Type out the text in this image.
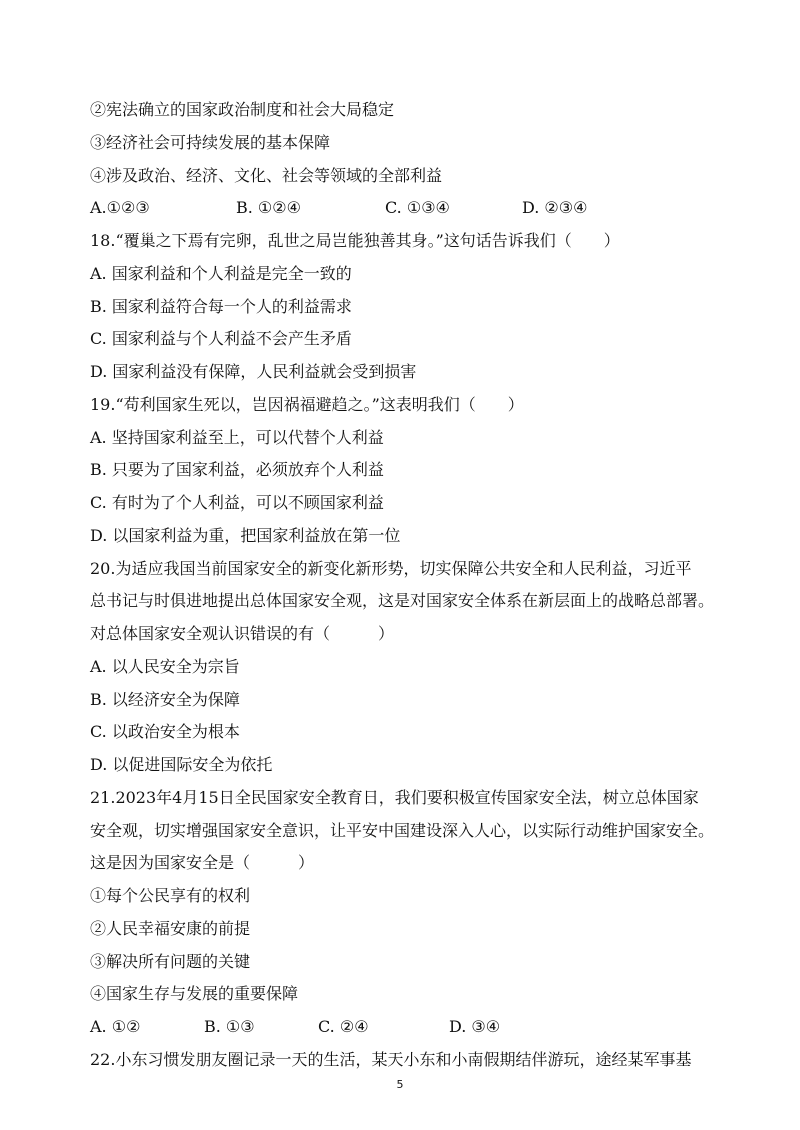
②宪法确立的国家政治制度和社会大局稳定
③经济社会可持续发展的基本保障
④涉及政治、经济、文化、社会等领域的全部利益
A.①②③	B. ①②④	C. ①③④	D. ②③④
18.“覆巢之下焉有完卵，乱世之局岂能独善其身。”这句话告诉我们（　　）
A. 国家利益和个人利益是完全一致的
B. 国家利益符合每一个人的利益需求
C. 国家利益与个人利益不会产生矛盾
D. 国家利益没有保障，人民利益就会受到损害
19.“苟利国家生死以，岂因祸福避趋之。”这表明我们（　　）
A. 坚持国家利益至上，可以代替个人利益
B. 只要为了国家利益，必须放弃个人利益
C. 有时为了个人利益，可以不顾国家利益
D. 以国家利益为重，把国家利益放在第一位
20.为适应我国当前国家安全的新变化新形势，切实保障公共安全和人民利益，习近平
总书记与时俱进地提出总体国家安全观，这是对国家安全体系在新层面上的战略总部署。
对总体国家安全观认识错误的有（　　　）
A. 以人民安全为宗旨
B. 以经济安全为保障
C. 以政治安全为根本
D. 以促进国际安全为依托
21.2023年4月15日全民国家安全教育日，我们要积极宣传国家安全法，树立总体国家
安全观，切实增强国家安全意识，让平安中国建设深入人心，以实际行动维护国家安全。
这是因为国家安全是（　　　）
①每个公民享有的权利
②人民幸福安康的前提
③解决所有问题的关键
④国家生存与发展的重要保障
A. ①②	B. ①③	C. ②④	D. ③④
22.小东习惯发朋友圈记录一天的生活，某天小东和小南假期结伴游玩，途经某军事基
5
